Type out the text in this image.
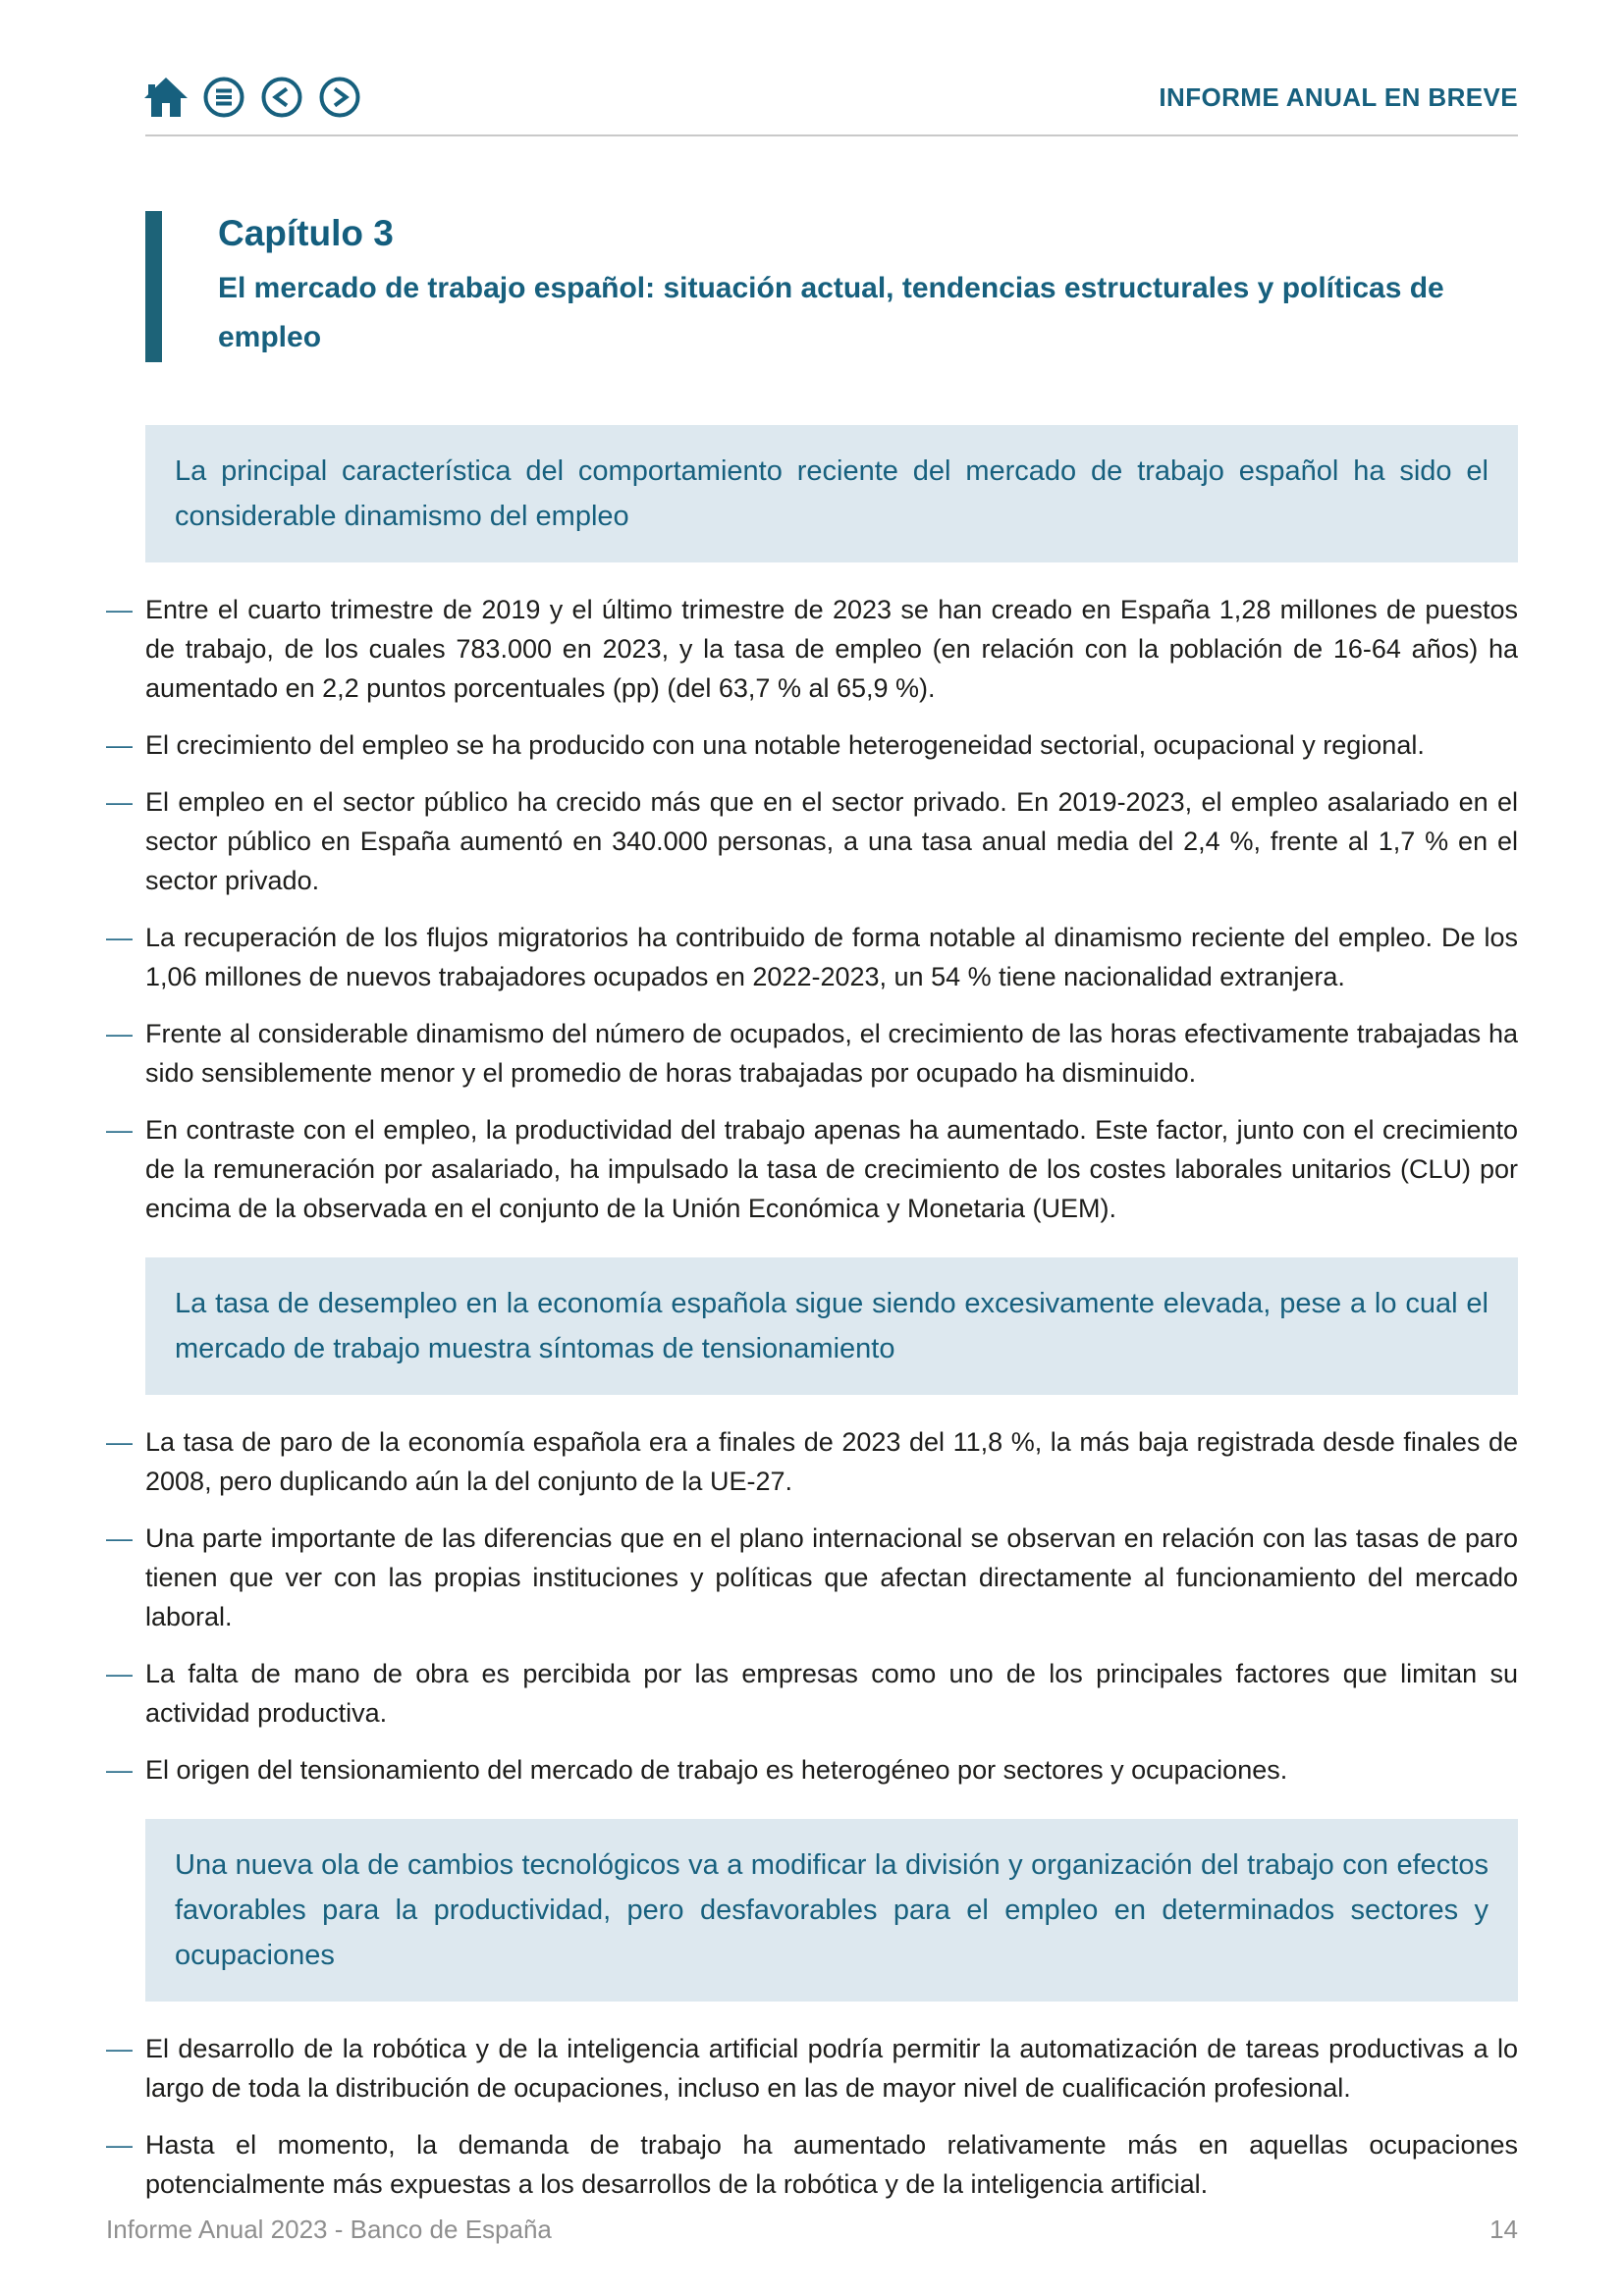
INFORME ANUAL EN BREVE
Capítulo 3
El mercado de trabajo español: situación actual, tendencias estructurales y políticas de empleo
La principal característica del comportamiento reciente del mercado de trabajo español ha sido el considerable dinamismo del empleo
— Entre el cuarto trimestre de 2019 y el último trimestre de 2023 se han creado en España 1,28 millones de puestos de trabajo, de los cuales 783.000 en 2023, y la tasa de empleo (en relación con la población de 16-64 años) ha aumentado en 2,2 puntos porcentuales (pp) (del 63,7 % al 65,9 %).
— El crecimiento del empleo se ha producido con una notable heterogeneidad sectorial, ocupacional y regional.
— El empleo en el sector público ha crecido más que en el sector privado. En 2019-2023, el empleo asalariado en el sector público en España aumentó en 340.000 personas, a una tasa anual media del 2,4 %, frente al 1,7 % en el sector privado.
— La recuperación de los flujos migratorios ha contribuido de forma notable al dinamismo reciente del empleo. De los 1,06 millones de nuevos trabajadores ocupados en 2022-2023, un 54 % tiene nacionalidad extranjera.
— Frente al considerable dinamismo del número de ocupados, el crecimiento de las horas efectivamente trabajadas ha sido sensiblemente menor y el promedio de horas trabajadas por ocupado ha disminuido.
— En contraste con el empleo, la productividad del trabajo apenas ha aumentado. Este factor, junto con el crecimiento de la remuneración por asalariado, ha impulsado la tasa de crecimiento de los costes laborales unitarios (CLU) por encima de la observada en el conjunto de la Unión Económica y Monetaria (UEM).
La tasa de desempleo en la economía española sigue siendo excesivamente elevada, pese a lo cual el mercado de trabajo muestra síntomas de tensionamiento
— La tasa de paro de la economía española era a finales de 2023 del 11,8 %, la más baja registrada desde finales de 2008, pero duplicando aún la del conjunto de la UE-27.
— Una parte importante de las diferencias que en el plano internacional se observan en relación con las tasas de paro tienen que ver con las propias instituciones y políticas que afectan directamente al funcionamiento del mercado laboral.
— La falta de mano de obra es percibida por las empresas como uno de los principales factores que limitan su actividad productiva.
— El origen del tensionamiento del mercado de trabajo es heterogéneo por sectores y ocupaciones.
Una nueva ola de cambios tecnológicos va a modificar la división y organización del trabajo con efectos favorables para la productividad, pero desfavorables para el empleo en determinados sectores y ocupaciones
— El desarrollo de la robótica y de la inteligencia artificial podría permitir la automatización de tareas productivas a lo largo de toda la distribución de ocupaciones, incluso en las de mayor nivel de cualificación profesional.
— Hasta el momento, la demanda de trabajo ha aumentado relativamente más en aquellas ocupaciones potencialmente más expuestas a los desarrollos de la robótica y de la inteligencia artificial.
Informe Anual 2023 - Banco de España	14
